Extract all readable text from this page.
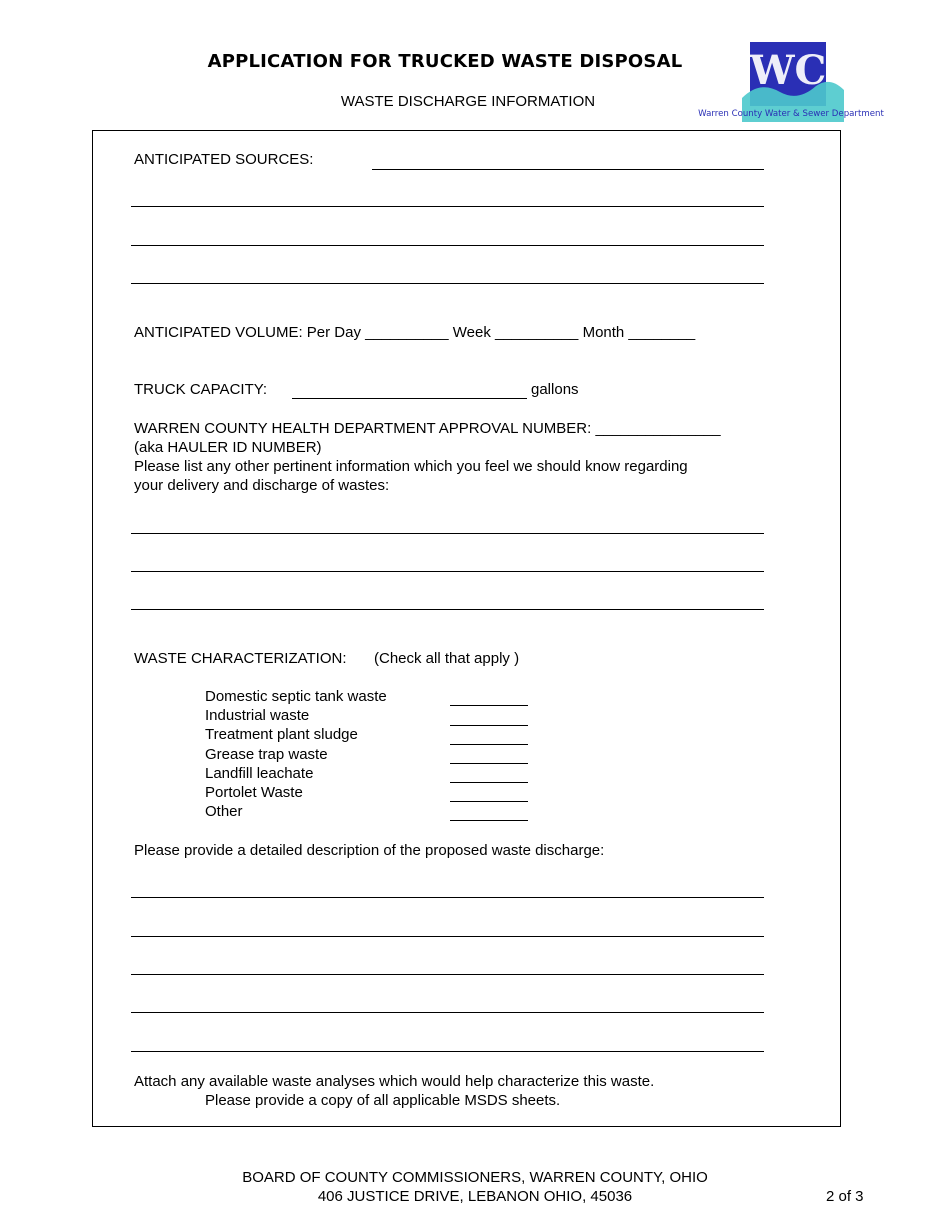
APPLICATION FOR TRUCKED WASTE DISPOSAL
WASTE DISCHARGE INFORMATION
WC
Warren County Water & Sewer Department
ANTICIPATED SOURCES:
ANTICIPATED VOLUME: Per Day __________ Week __________ Month ________
TRUCK CAPACITY:	gallons
WARREN COUNTY HEALTH DEPARTMENT APPROVAL NUMBER: _______________
(aka HAULER ID NUMBER)
Please list any other pertinent information which you feel we should know regarding
your delivery and discharge of wastes:
WASTE CHARACTERIZATION: (Check all that apply )
Domestic septic tank waste
Industrial waste
Treatment plant sludge
Grease trap waste
Landfill leachate
Portolet Waste
Other
Please provide a detailed description of the proposed waste discharge:
Attach any available waste analyses which would help characterize this waste.
Please provide a copy of all applicable MSDS sheets.
BOARD OF COUNTY COMMISSIONERS, WARREN COUNTY, OHIO
406 JUSTICE DRIVE, LEBANON OHIO, 45036	2 of 3
